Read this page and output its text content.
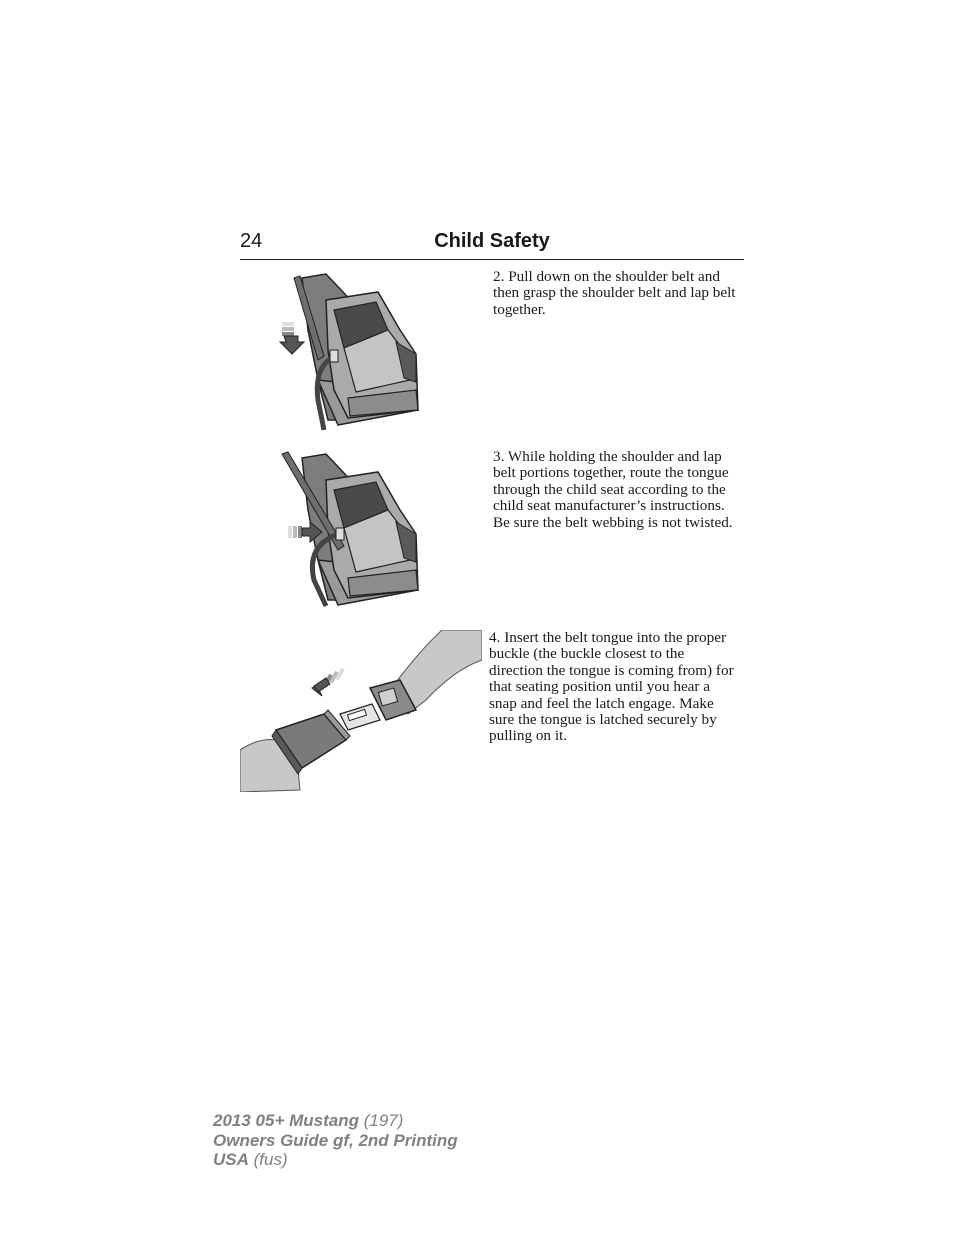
24	Child Safety
2. Pull down on the shoulder belt and then grasp the shoulder belt and lap belt together.
3. While holding the shoulder and lap belt portions together, route the tongue through the child seat according to the child seat manufacturer’s instructions. Be sure the belt webbing is not twisted.
4. Insert the belt tongue into the proper buckle (the buckle closest to the direction the tongue is coming from) for that seating position until you hear a snap and feel the latch engage. Make sure the tongue is latched securely by pulling on it.
2013 05+ Mustang (197)
Owners Guide gf, 2nd Printing
USA (fus)
